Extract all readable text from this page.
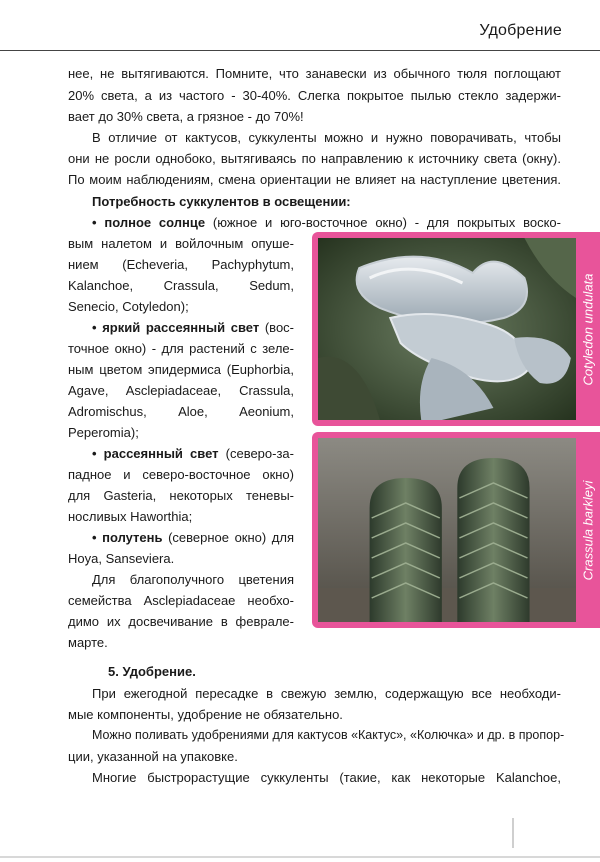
Удобрение
нее, не вытягиваются. Помните, что занавески из обычного тюля поглощают
20% света, а из частого - 30-40%. Слегка покрытое пылью стекло задержи-
вает до 30% света, а грязное - до 70%!
В отличие от кактусов, суккуленты можно и нужно поворачивать, чтобы
они не росли однобоко, вытягиваясь по направлению к источнику света (окну).
По моим наблюдениям, смена ориентации не влияет на наступление цветения.
Потребность суккулентов в освещении:
• полное солнце (южное и юго-восточное окно) - для покрытых воско-
вым налетом и войлочным опуше-
нием (Echeveria, Pachyphytum,
Kalanchoe, Crassula, Sedum,
Senecio, Cotyledon);
• яркий рассеянный свет (вос-
точное окно) - для растений с зеле-
ным цветом эпидермиса (Euphorbia,
Agave, Asclepiadaceae, Crassula,
Adromischus, Aloe, Aeonium,
Peperomia);
• рассеянный свет (северо-за-
падное и северо-восточное окно)
для Gasteria, некоторых теневы-
носливых Haworthia;
• полутень (северное окно) для
Hoya, Sanseviera.
Для благополучного цветения
семейства Asclepiadaceae необхо-
димо их досвечивание в феврале-
марте.
Cotyledon undulata
Crassula barkleyi
5. Удобрение.
При ежегодной пересадке в свежую землю, содержащую все необходи-
мые компоненты, удобрение не обязательно.
Можно поливать удобрениями для кактусов «Кактус», «Колючка» и др. в пропор-
ции, указанной на упаковке.
Многие быстрорастущие суккуленты (такие, как некоторые Kalanchoe,
